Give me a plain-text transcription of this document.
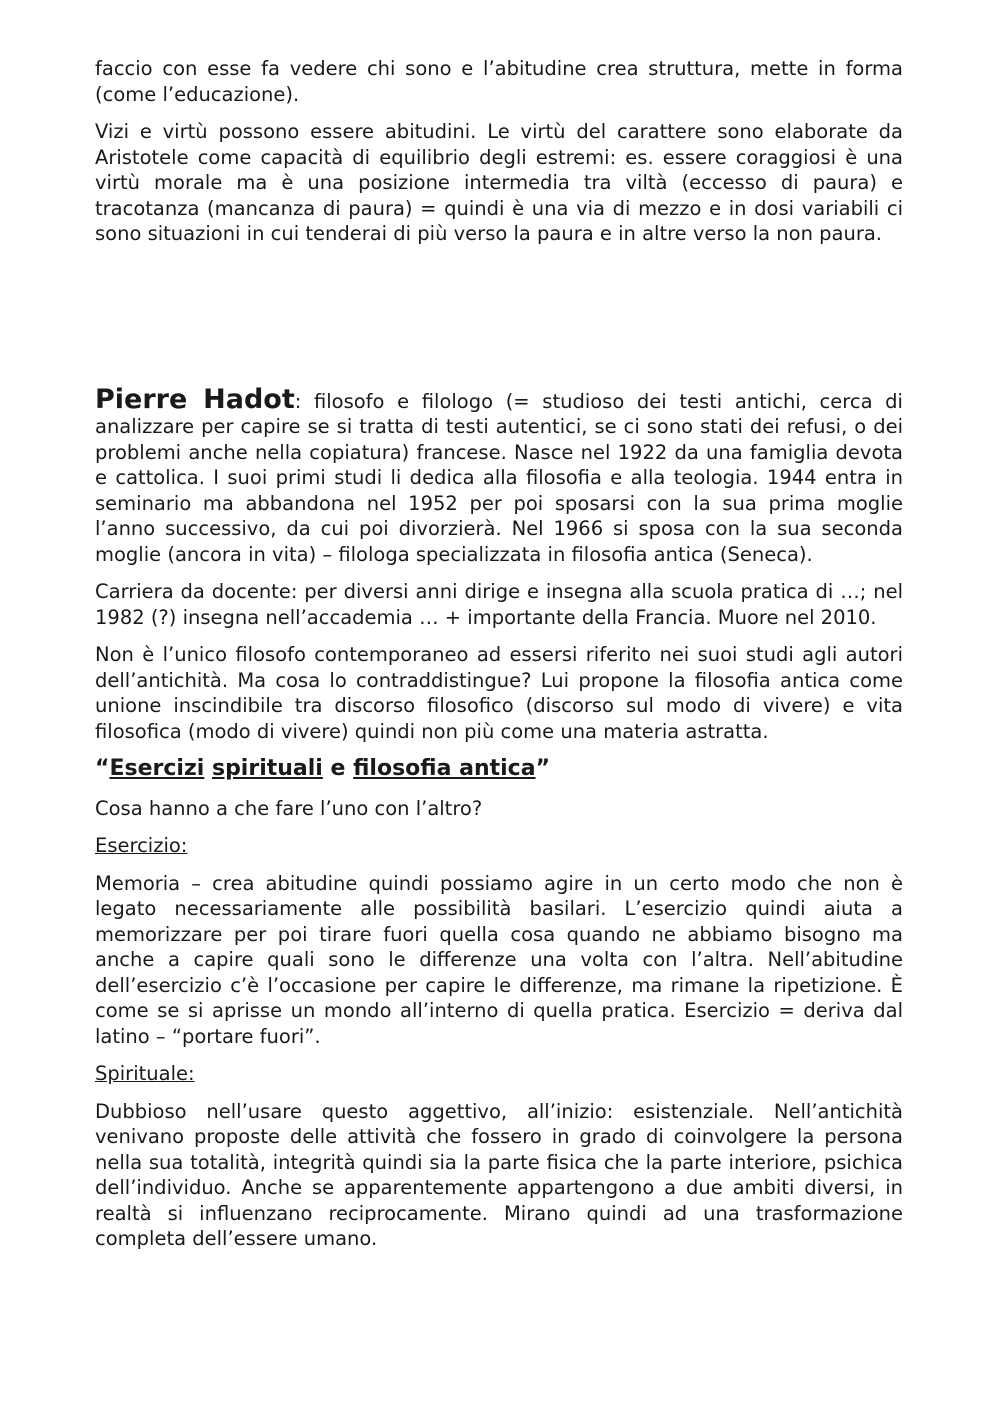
faccio con esse fa vedere chi sono e l’abitudine crea struttura, mette in forma (come l’educazione).

Vizi e virtù possono essere abitudini. Le virtù del carattere sono elaborate da Aristotele come capacità di equilibrio degli estremi: es. essere coraggiosi è una virtù morale ma è una posizione intermedia tra viltà (eccesso di paura) e tracotanza (mancanza di paura) = quindi è una via di mezzo e in dosi variabili ci sono situazioni in cui tenderai di più verso la paura e in altre verso la non paura.

Pierre Hadot: filosofo e filologo (= studioso dei testi antichi, cerca di analizzare per capire se si tratta di testi autentici, se ci sono stati dei refusi, o dei problemi anche nella copiatura) francese. Nasce nel 1922 da una famiglia devota e cattolica. I suoi primi studi li dedica alla filosofia e alla teologia. 1944 entra in seminario ma abbandona nel 1952 per poi sposarsi con la sua prima moglie l’anno successivo, da cui poi divorzierà. Nel 1966 si sposa con la sua seconda moglie (ancora in vita) – filologa specializzata in filosofia antica (Seneca).

Carriera da docente: per diversi anni dirige e insegna alla scuola pratica di …; nel 1982 (?) insegna nell’accademia … + importante della Francia. Muore nel 2010.

Non è l’unico filosofo contemporaneo ad essersi riferito nei suoi studi agli autori dell’antichità. Ma cosa lo contraddistingue? Lui propone la filosofia antica come unione inscindibile tra discorso filosofico (discorso sul modo di vivere) e vita filosofica (modo di vivere) quindi non più come una materia astratta.

“Esercizi spirituali e filosofia antica”

Cosa hanno a che fare l’uno con l’altro?

Esercizio:

Memoria – crea abitudine quindi possiamo agire in un certo modo che non è legato necessariamente alle possibilità basilari. L’esercizio quindi aiuta a memorizzare per poi tirare fuori quella cosa quando ne abbiamo bisogno ma anche a capire quali sono le differenze una volta con l’altra. Nell’abitudine dell’esercizio c’è l’occasione per capire le differenze, ma rimane la ripetizione. È come se si aprisse un mondo all’interno di quella pratica. Esercizio = deriva dal latino – “portare fuori”.

Spirituale:

Dubbioso nell’usare questo aggettivo, all’inizio: esistenziale. Nell’antichità venivano proposte delle attività che fossero in grado di coinvolgere la persona nella sua totalità, integrità quindi sia la parte fisica che la parte interiore, psichica dell’individuo. Anche se apparentemente appartengono a due ambiti diversi, in realtà si influenzano reciprocamente. Mirano quindi ad una trasformazione completa dell’essere umano.
